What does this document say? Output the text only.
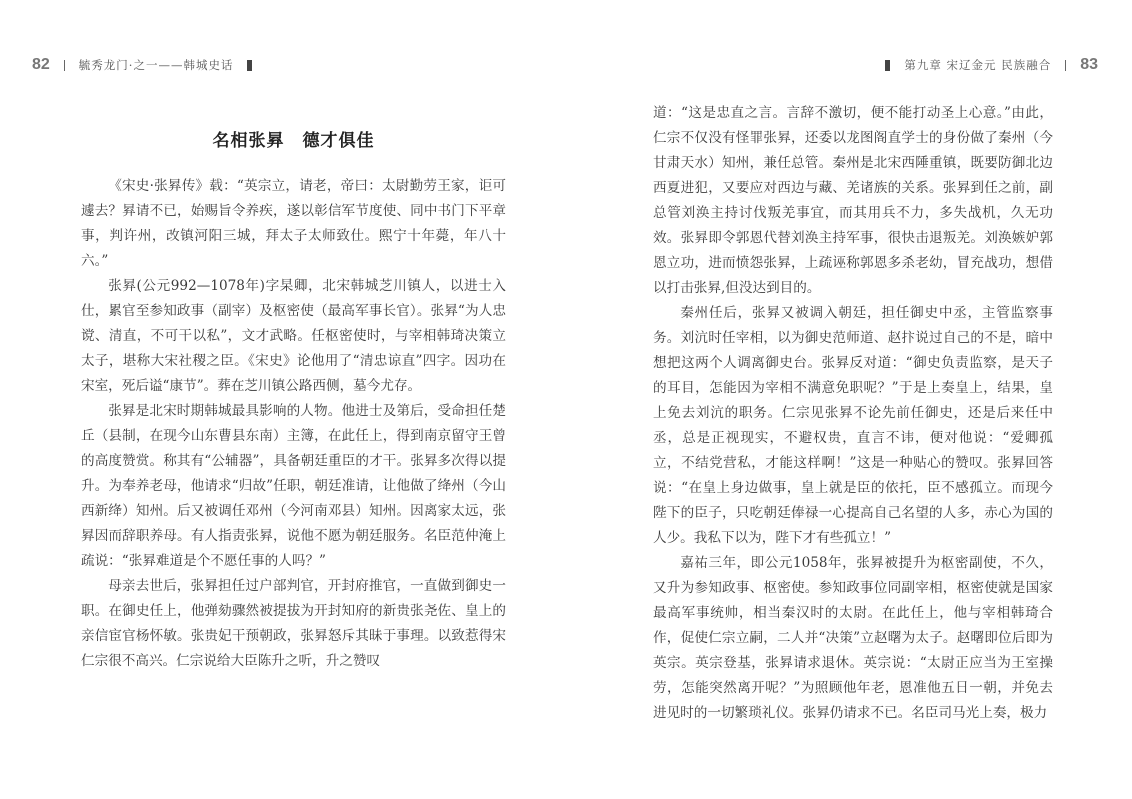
82	毓秀龙门·之一——韩城史话
名相张昪　德才俱佳

《宋史·张昪传》载：“英宗立，请老，帝曰：太尉勤劳王家，讵可遽去？昪请不已，始赐旨令养疾，遂以彰信军节度使、同中书门下平章事，判许州，改镇河阳三城，拜太子太师致仕。熙宁十年薨，年八十六。”

张昪(公元992—1078年)字杲卿，北宋韩城芝川镇人，以进士入仕，累官至参知政事（副宰）及枢密使（最高军事长官）。张昪“为人忠谠、清直，不可干以私”，文才武略。任枢密使时，与宰相韩琦决策立太子，堪称大宋社稷之臣。《宋史》论他用了“清忠谅直”四字。因功在宋室，死后谥“康节”。葬在芝川镇公路西侧，墓今尤存。

张昪是北宋时期韩城最具影响的人物。他进士及第后，受命担任楚丘（县制，在现今山东曹县东南）主簿，在此任上，得到南京留守王曾的高度赞赏。称其有“公辅器”，具备朝廷重臣的才干。张昪多次得以提升。为奉养老母，他请求“归故”任职，朝廷准请，让他做了绛州（今山西新绛）知州。后又被调任邓州（今河南邓县）知州。因离家太远，张昪因而辞职养母。有人指责张昪，说他不愿为朝廷服务。名臣范仲淹上疏说：“张昪难道是个不愿任事的人吗？”

母亲去世后，张昪担任过户部判官，开封府推官，一直做到御史一职。在御史任上，他弹劾骤然被提拔为开封知府的新贵张尧佐、皇上的亲信宦官杨怀敏。张贵妃干预朝政，张昪怒斥其昧于事理。以致惹得宋仁宗很不高兴。仁宗说给大臣陈升之听，升之赞叹

第九章 宋辽金元 民族融合 83

道：“这是忠直之言。言辞不激切，便不能打动圣上心意。”由此，仁宗不仅没有怪罪张昪，还委以龙图阁直学士的身份做了秦州（今甘肃天水）知州，兼任总管。秦州是北宋西陲重镇，既要防御北边西夏进犯，又要应对西边与藏、羌诸族的关系。张昪到任之前，副总管刘涣主持讨伐叛羌事宜，而其用兵不力，多失战机，久无功效。张昪即令郭恩代替刘涣主持军事，很快击退叛羌。刘涣嫉妒郭恩立功，进而愤怨张昪，上疏诬称郭恩多杀老幼，冒充战功，想借以打击张昪,但没达到目的。

秦州任后，张昪又被调入朝廷，担任御史中丞，主管监察事务。刘沆时任宰相，以为御史范师道、赵抃说过自己的不是，暗中想把这两个人调离御史台。张昪反对道：“御史负责监察，是天子的耳目，怎能因为宰相不满意免职呢？”于是上奏皇上，结果，皇上免去刘沆的职务。仁宗见张昪不论先前任御史，还是后来任中丞，总是正视现实，不避权贵，直言不讳，便对他说：“爱卿孤立，不结党营私，才能这样啊！”这是一种贴心的赞叹。张昪回答说：“在皇上身边做事，皇上就是臣的依托，臣不感孤立。而现今陛下的臣子，只吃朝廷俸禄一心提高自己名望的人多，赤心为国的人少。我私下以为，陛下才有些孤立！”

嘉祐三年，即公元1058年，张昪被提升为枢密副使，不久，又升为参知政事、枢密使。参知政事位同副宰相，枢密使就是国家最高军事统帅，相当秦汉时的太尉。在此任上，他与宰相韩琦合作，促使仁宗立嗣，二人并“决策”立赵曙为太子。赵曙即位后即为英宗。英宗登基，张昪请求退休。英宗说：“太尉正应当为王室操劳，怎能突然离开呢？”为照顾他年老，恩准他五日一朝，并免去进见时的一切繁琐礼仪。张昪仍请求不已。名臣司马光上奏，极力
